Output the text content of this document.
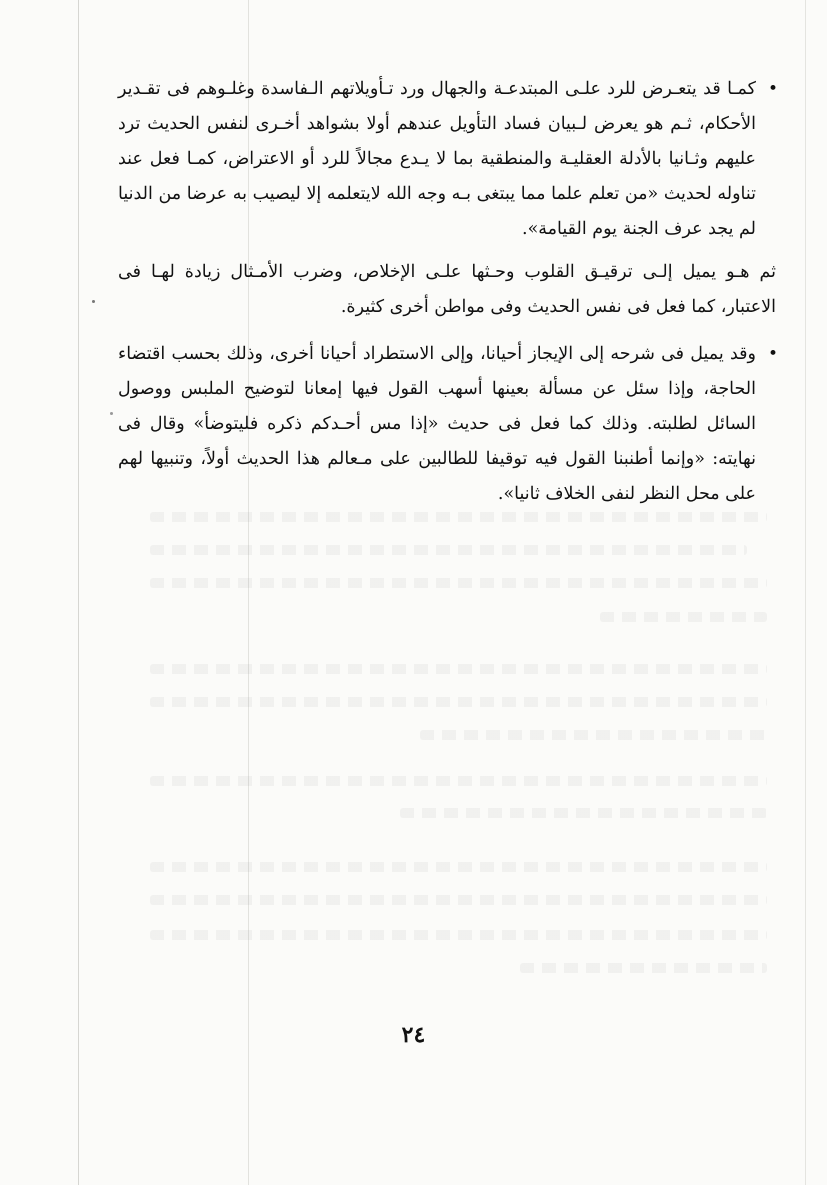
•
كمـا قد يتعـرض للرد علـى المبتدعـة والجهال ورد تـأويلاتهم الـفاسدة وغلـوهم فى تقـدير الأحكام، ثـم هو يعرض لـبيان فساد التأويل عندهم أولا بشواهد أخـرى لنفس الحديث ترد عليهم وثـانيا بالأدلة العقليـة والمنطقية بما لا يـدع مجالاً للرد أو الاعتراض، كمـا فعل عند تناوله لحديث «من تعلم علما مما يبتغى بـه وجه الله لايتعلمه إلا ليصيب به عرضا من الدنيا لم يجد عرف الجنة يوم القيامة».

ثم هـو يميل إلـى ترقيـق القلوب وحـثها علـى الإخلاص، وضرب الأمـثال زيادة لهـا فى الاعتبار، كما فعل فى نفس الحديث وفى مواطن أخرى كثيرة.

•
وقد يميل فى شرحه إلى الإيجاز أحيانا، وإلى الاستطراد أحيانا أخرى، وذلك بحسب اقتضاء الحاجة، وإذا سئل عن مسألة بعينها أسهب القول فيها إمعانا لتوضيح الملبس ووصول السائل لطلبته. وذلك كما فعل فى حديث «إذا مس أحـدكم ذكره فليتوضأ» وقال فى نهايته: «وإنما أطنبنا القول فيه توقيفا للطالبين على مـعالم هذا الحديث أولاً، وتنبيها لهم على محل النظر لنفى الخلاف ثانيا».

٢٤
